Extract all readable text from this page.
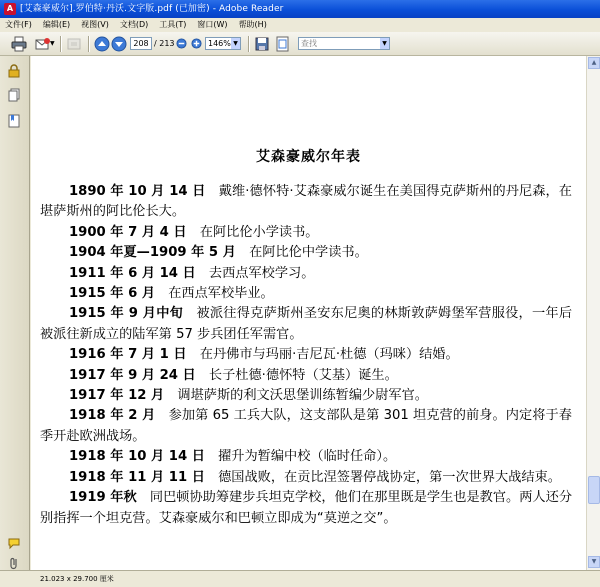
A [艾森豪威尔].罗伯特·丹沃.文字版.pdf (已加密) - Adobe Reader
文件(F) 编辑(E) 视图(V) 文档(D) 工具(T) 窗口(W) 帮助(H)
▼	208 / 213	146% ▼	查找	▼
艾森豪威尔年表

1890 年 10 月 14 日　戴维·德怀特·艾森豪威尔诞生在美国得克萨斯州的丹尼森，在堪萨斯州的阿比伦长大。

1900 年 7 月 4 日　在阿比伦小学读书。

1904 年夏—1909 年 5 月　在阿比伦中学读书。

1911 年 6 月 14 日　去西点军校学习。

1915 年 6 月　在西点军校毕业。

1915 年 9 月中旬　被派往得克萨斯州圣安东尼奥的林斯敦萨姆堡军营服役，一年后被派往新成立的陆军第 57 步兵团任军需官。

1916 年 7 月 1 日　在丹佛市与玛丽·吉尼瓦·杜德（玛咪）结婚。

1917 年 9 月 24 日　长子杜德·德怀特（艾基）诞生。

1917 年 12 月　调堪萨斯的利文沃思堡训练暂编少尉军官。

1918 年 2 月　参加第 65 工兵大队，这支部队是第 301 坦克营的前身。内定将于春季开赴欧洲战场。

1918 年 10 月 14 日　擢升为暂编中校（临时任命）。

1918 年 11 月 11 日　德国战败，在贡比涅签署停战协定，第一次世界大战结束。

1919 年秋　同巴顿协助筹建步兵坦克学校，他们在那里既是学生也是教官。两人还分别指挥一个坦克营。艾森豪威尔和巴顿立即成为“莫逆之交”。

▲
▼
21.023 x 29.700 厘米
